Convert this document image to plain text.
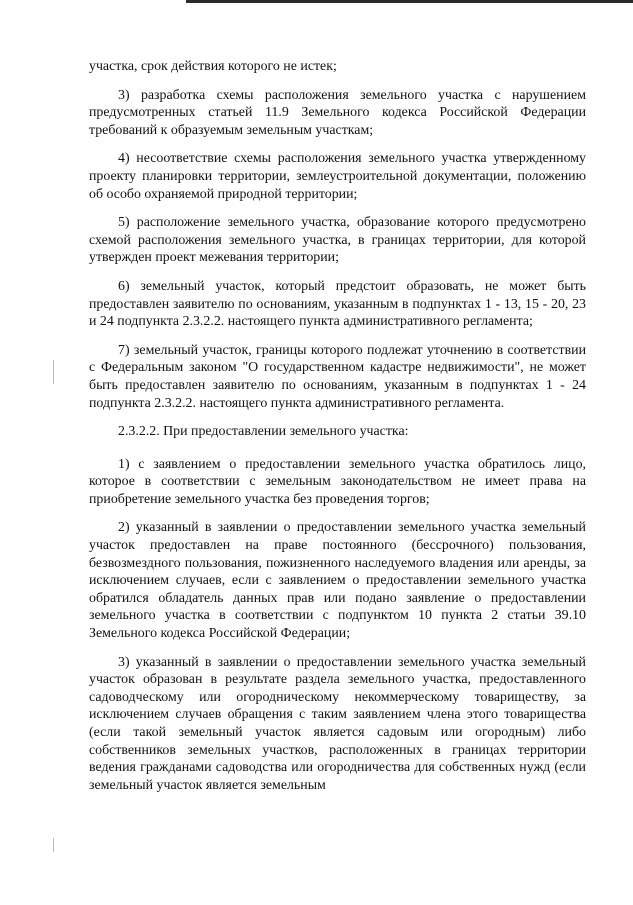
участка, срок действия которого не истек;

3) разработка схемы расположения земельного участка с нарушением предусмотренных статьей 11.9 Земельного кодекса Российской Федерации требований к образуемым земельным участкам;

4) несоответствие схемы расположения земельного участка утвержденному проекту планировки территории, землеустроительной документации, положению об особо охраняемой природной территории;

5) расположение земельного участка, образование которого предусмотрено схемой расположения земельного участка, в границах территории, для которой утвержден проект межевания территории;

6) земельный участок, который предстоит образовать, не может быть предоставлен заявителю по основаниям, указанным в подпунктах 1 - 13, 15 - 20, 23 и 24 подпункта 2.3.2.2. настоящего пункта административного регламента;

7) земельный участок, границы которого подлежат уточнению в соответствии с Федеральным законом "О государственном кадастре недвижимости", не может быть предоставлен заявителю по основаниям, указанным в подпунктах 1 - 24 подпункта 2.3.2.2. настоящего пункта административного регламента.

2.3.2.2. При предоставлении земельного участка:

1) с заявлением о предоставлении земельного участка обратилось лицо, которое в соответствии с земельным законодательством не имеет права на приобретение земельного участка без проведения торгов;

2) указанный в заявлении о предоставлении земельного участка земельный участок предоставлен на праве постоянного (бессрочного) пользования, безвозмездного пользования, пожизненного наследуемого владения или аренды, за исключением случаев, если с заявлением о предоставлении земельного участка обратился обладатель данных прав или подано заявление о предоставлении земельного участка в соответствии с подпунктом 10 пункта 2 статьи 39.10 Земельного кодекса Российской Федерации;

3) указанный в заявлении о предоставлении земельного участка земельный участок образован в результате раздела земельного участка, предоставленного садоводческому или огородническому некоммерческому товариществу, за исключением случаев обращения с таким заявлением члена этого товарищества (если такой земельный участок является садовым или огородным) либо собственников земельных участков, расположенных в границах территории ведения гражданами садоводства или огородничества для собственных нужд (если земельный участок является земельным
